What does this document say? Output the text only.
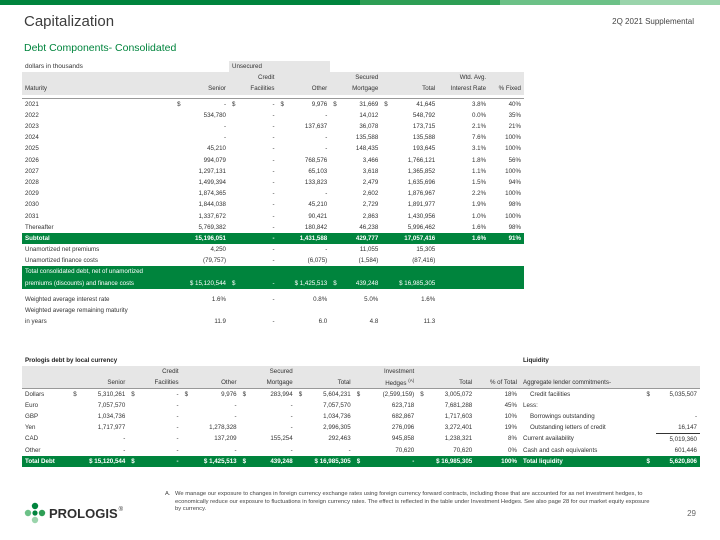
Capitalization
Debt Components- Consolidated
2Q 2021 Supplemental
dollars in thousands			Unsecured									
				Credit				Secured			Wtd. Avg.	
Maturity		Senior		Facilities		Other		Mortgage		Total	Interest Rate	% Fixed

2021	$	-	$	-	$	9,976	$	31,669	$	41,645	3.8%	40%
2022		534,780		-		-		14,012		548,792	0.0%	35%
2023		-		-		137,637		36,078		173,715	2.1%	21%
2024		-		-		-		135,588		135,588	7.6%	100%
2025		45,210		-		-		148,435		193,645	3.1%	100%
2026		994,079		-		768,576		3,466		1,766,121	1.8%	56%
2027		1,297,131		-		65,103		3,618		1,365,852	1.1%	100%
2028		1,499,394		-		133,823		2,479		1,635,696	1.5%	94%
2029		1,874,365		-		-		2,602		1,876,967	2.2%	100%
2030		1,844,038		-		45,210		2,729		1,891,977	1.9%	98%
2031		1,337,672		-		90,421		2,863		1,430,956	1.0%	100%
Thereafter		5,769,382		-		180,842		46,238		5,996,462	1.6%	98%
Subtotal		15,196,051		-		1,431,588		429,777		17,057,416	1.6%	91%
Unamortized net premiums		4,250		-		-		11,055		15,305		
Unamortized finance costs		(79,757)		-		(6,075)		(1,584)		(87,416)		
Total consolidated debt, net of unamortized												
premiums (discounts) and finance costs	$ 15,120,544		$	-	$ 1,425,513		$	439,248	$ 16,985,305			

Weighted average interest rate		1.6%		-		0.8%		5.0%		1.6%		
Weighted average remaining maturity												
in years		11.9		-		6.0		4.8		11.3		
Prologis debt by local currency															
				Credit				Secured				Investment			
		Senior		Facilities		Other		Mortgage		Total		Hedges $^{(A)}$		Total	% of Total
Dollars	$	5,310,261	$	-	$	9,976	$	283,994	$	5,604,231	$	(2,599,159)	$	3,005,072	18%
Euro		7,057,570		-		-		-		7,057,570		623,718		7,681,288	45%
GBP		1,034,736		-		-		-		1,034,736		682,867		1,717,603	10%
Yen		1,717,977		-		1,278,328		-		2,996,305		276,096		3,272,401	19%
CAD		-		-		137,209		155,254		292,463		945,858		1,238,321	8%
Other		-		-		-		-		-		70,620		70,620	0%
Total Debt	$ 15,120,544		$	-	$ 1,425,513		$	439,248	$ 16,985,305		$	-	$ 16,985,305		100%
Liquidity		

Aggregate lender commitments-		
Credit facilities	$	5,035,507
Less:		
Borrowings outstanding		-
Outstanding letters of credit		16,147
Current availability		5,019,360
Cash and cash equivalents		601,446
Total liquidity	$	5,620,806
A. We manage our exposure to changes in foreign currency exchange rates using foreign currency forward contracts, including those that are accounted for as net investment hedges, to economically reduce our exposure to fluctuations in foreign currency rates. The effect is reflected in the table under Investment Hedges. See also page 28 for our market equity exposure by currency.
PROLOGIS ®	29
